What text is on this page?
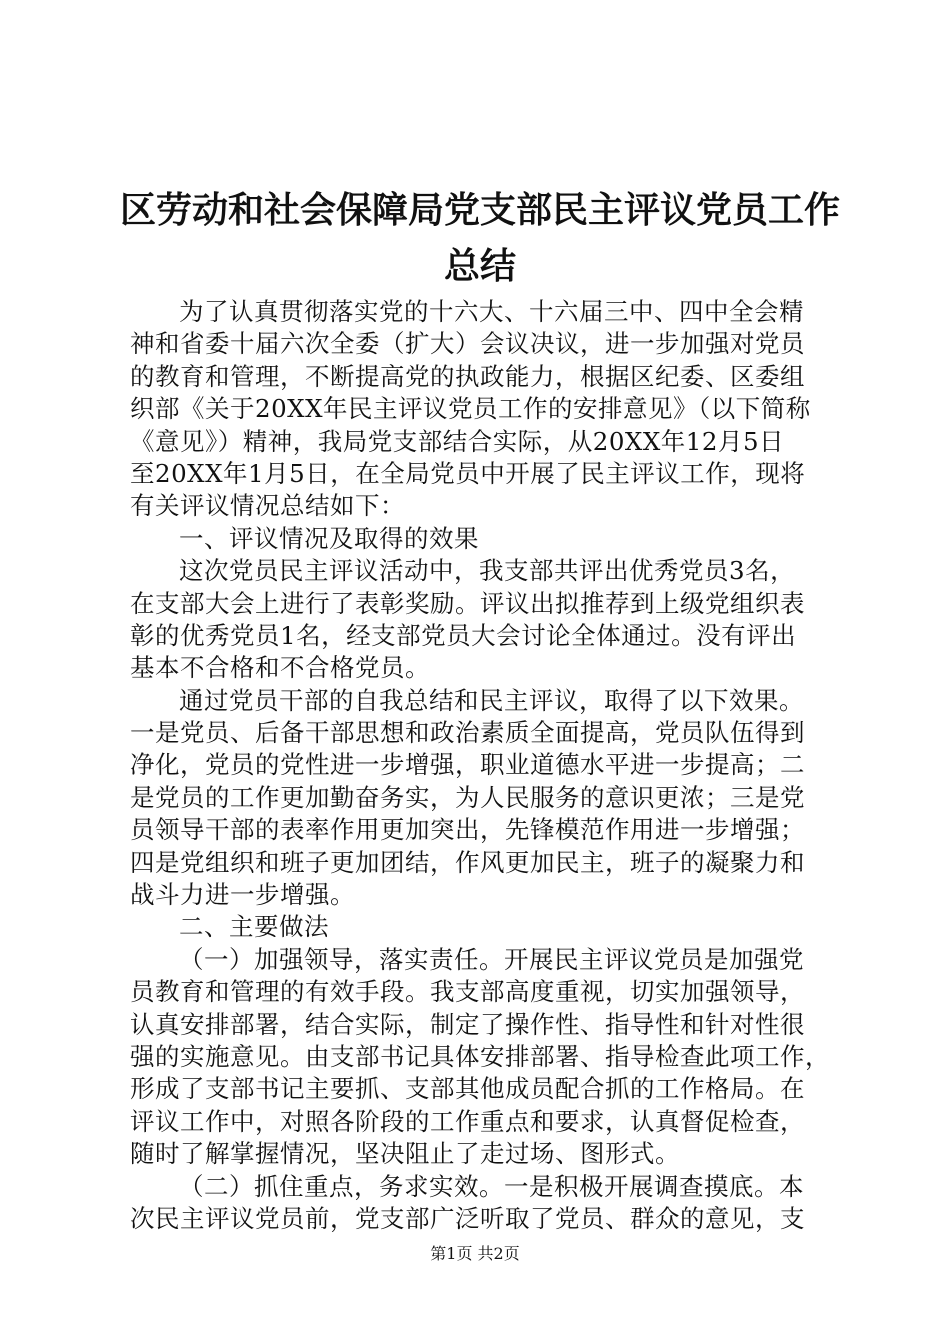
区劳动和社会保障局党支部民主评议党员工作
总结
为了认真贯彻落实党的十六大、十六届三中、四中全会精
神和省委十届六次全委（扩大）会议决议，进一步加强对党员
的教育和管理，不断提高党的执政能力，根据区纪委、区委组
织部《关于20XX年民主评议党员工作的安排意见》（以下简称
《意见》）精神，我局党支部结合实际，从20XX年12月5日
至20XX年1月5日，在全局党员中开展了民主评议工作，现将
有关评议情况总结如下：
一、评议情况及取得的效果
这次党员民主评议活动中，我支部共评出优秀党员3名，
在支部大会上进行了表彰奖励。评议出拟推荐到上级党组织表
彰的优秀党员1名，经支部党员大会讨论全体通过。没有评出
基本不合格和不合格党员。
通过党员干部的自我总结和民主评议，取得了以下效果。
一是党员、后备干部思想和政治素质全面提高，党员队伍得到
净化，党员的党性进一步增强，职业道德水平进一步提高；二
是党员的工作更加勤奋务实，为人民服务的意识更浓；三是党
员领导干部的表率作用更加突出，先锋模范作用进一步增强；
四是党组织和班子更加团结，作风更加民主，班子的凝聚力和
战斗力进一步增强。
二、主要做法
（一）加强领导，落实责任。开展民主评议党员是加强党
员教育和管理的有效手段。我支部高度重视，切实加强领导，
认真安排部署，结合实际，制定了操作性、指导性和针对性很
强的实施意见。由支部书记具体安排部署、指导检查此项工作，
形成了支部书记主要抓、支部其他成员配合抓的工作格局。在
评议工作中，对照各阶段的工作重点和要求，认真督促检查，
随时了解掌握情况，坚决阻止了走过场、图形式。
（二）抓住重点，务求实效。一是积极开展调查摸底。本
次民主评议党员前，党支部广泛听取了党员、群众的意见，支
第1页 共2页
